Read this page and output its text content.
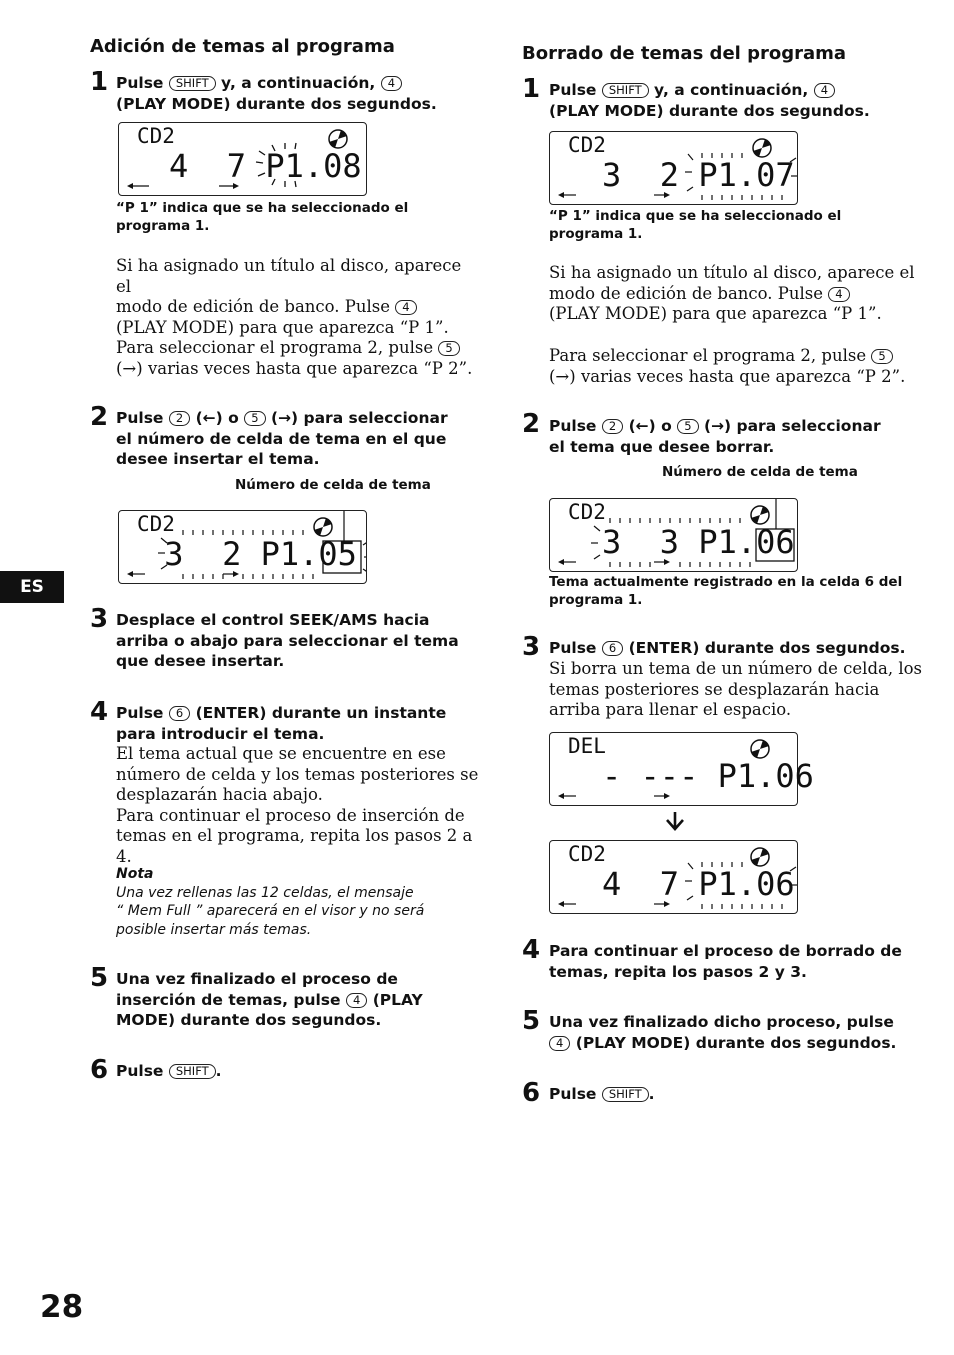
Adición de temas al programa
1 Pulse SHIFT y, a continuación, 4
(PLAY MODE) durante dos segundos.
CD2
4  7 P1.08
“P 1” indica que se ha seleccionado el
programa 1.
Si ha asignado un título al disco, aparece el
modo de edición de banco. Pulse 4
(PLAY MODE) para que aparezca “P 1”.
Para seleccionar el programa 2, pulse 5
(→) varias veces hasta que aparezca “P 2”.
2 Pulse 2 (←) o 5 (→) para seleccionar
el número de celda de tema en el que
desee insertar el tema.
Número de celda de tema
CD2
3  2 P1.05
3 Desplace el control SEEK/AMS hacia
arriba o abajo para seleccionar el tema
que desee insertar.
4 Pulse 6 (ENTER) durante un instante
para introducir el tema.
El tema actual que se encuentre en ese
número de celda y los temas posteriores se
desplazarán hacia abajo.
Para continuar el proceso de inserción de
temas en el programa, repita los pasos 2 a 4.
Nota
Una vez rellenas las 12 celdas, el mensaje
“ Mem Full ” aparecerá en el visor y no será
posible insertar más temas.
5 Una vez finalizado el proceso de
inserción de temas, pulse 4 (PLAY
MODE) durante dos segundos.
6 Pulse SHIFT .
Borrado de temas del programa
1 Pulse SHIFT y, a continuación, 4
(PLAY MODE) durante dos segundos.
CD2
3  2 P1.07
“P 1” indica que se ha seleccionado el
programa 1.
Si ha asignado un título al disco, aparece el
modo de edición de banco. Pulse 4
(PLAY MODE) para que aparezca “P 1”.
Para seleccionar el programa 2, pulse 5
(→) varias veces hasta que aparezca “P 2”.
2 Pulse 2 (←) o 5 (→) para seleccionar
el tema que desee borrar.
Número de celda de tema
CD2
3  3 P1.06
Tema actualmente registrado en la celda 6 del
programa 1.
3 Pulse 6 (ENTER) durante dos segundos.
Si borra un tema de un número de celda, los
temas posteriores se desplazarán hacia
arriba para llenar el espacio.
DEL
- --- P1.06
CD2
4  7 P1.06
4 Para continuar el proceso de borrado de
temas, repita los pasos 2 y 3.
5 Una vez finalizado dicho proceso, pulse
4 (PLAY MODE) durante dos segundos.
6 Pulse SHIFT .
ES
28
